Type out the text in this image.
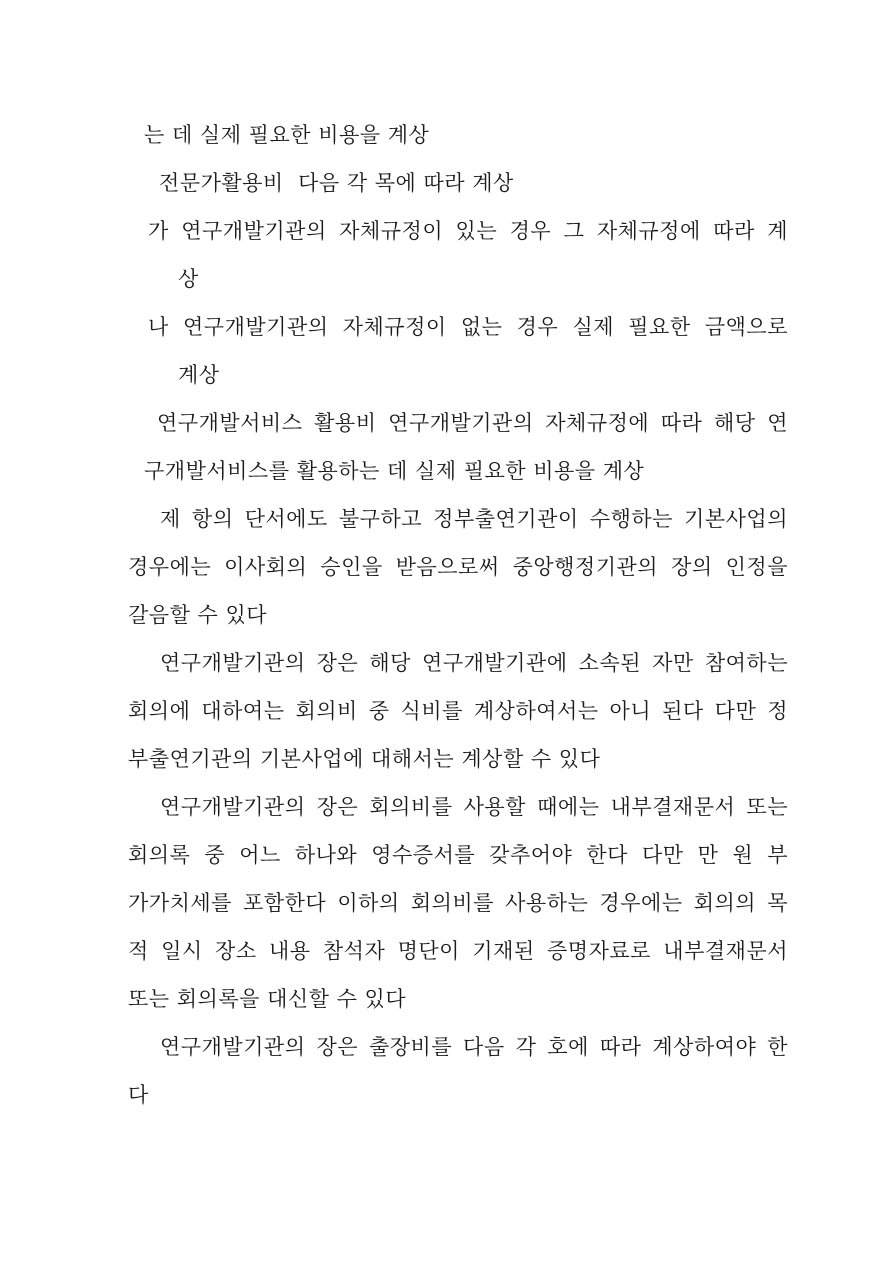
는 데 실제 필요한 비용을 계상
전문가활용비  다음 각 목에 따라 계상
가 연구개발기관의 자체규정이 있는 경우 그 자체규정에 따라 계
상
나 연구개발기관의 자체규정이 없는 경우 실제 필요한 금액으로
계상
연구개발서비스 활용비 연구개발기관의 자체규정에 따라 해당 연
구개발서비스를 활용하는 데 실제 필요한 비용을 계상
제 항의 단서에도 불구하고 정부출연기관이 수행하는 기본사업의
경우에는 이사회의 승인을 받음으로써 중앙행정기관의 장의 인정을
갈음할 수 있다
연구개발기관의 장은 해당 연구개발기관에 소속된 자만 참여하는
회의에 대하여는 회의비 중 식비를 계상하여서는 아니 된다 다만 정
부출연기관의 기본사업에 대해서는 계상할 수 있다
연구개발기관의 장은 회의비를 사용할 때에는 내부결재문서 또는
회의록 중 어느 하나와 영수증서를 갖추어야 한다 다만 만 원 부
가가치세를 포함한다 이하의 회의비를 사용하는 경우에는 회의의 목
적 일시 장소 내용 참석자 명단이 기재된 증명자료로 내부결재문서
또는 회의록을 대신할 수 있다
연구개발기관의 장은 출장비를 다음 각 호에 따라 계상하여야 한
다
